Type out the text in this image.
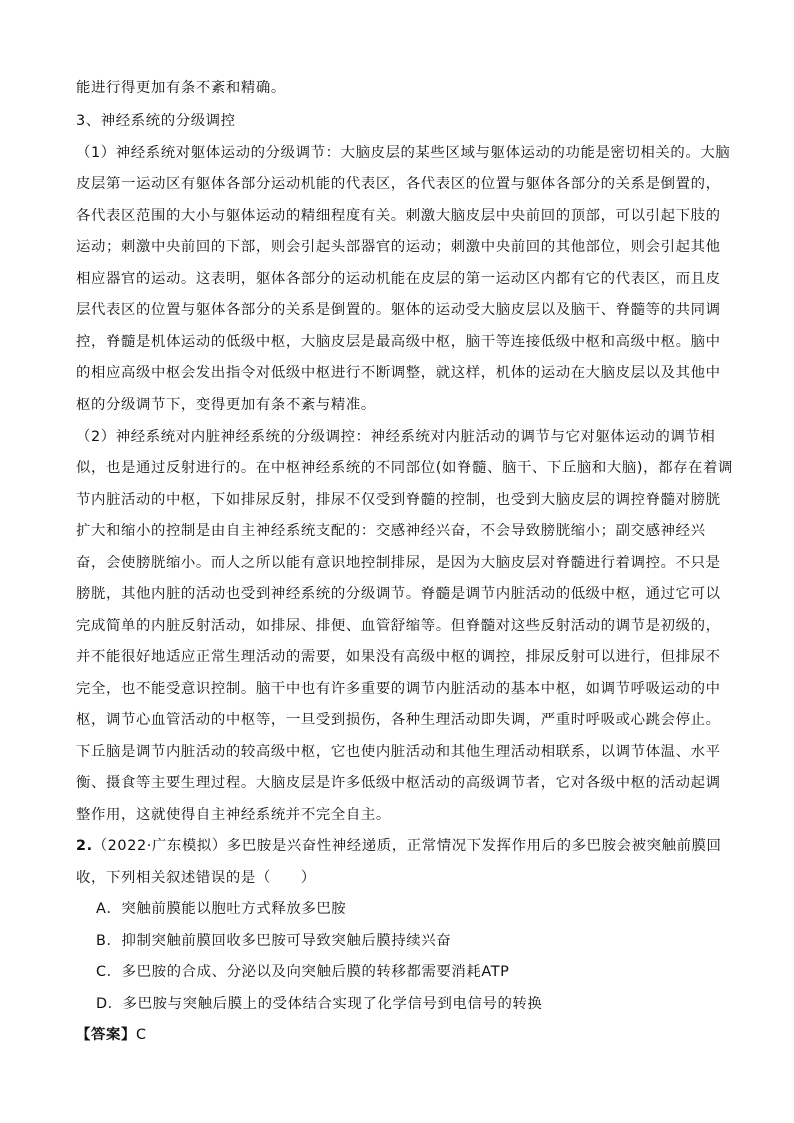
能进行得更加有条不紊和精确。
3、神经系统的分级调控
（1）神经系统对躯体运动的分级调节：大脑皮层的某些区域与躯体运动的功能是密切相关的。大脑
皮层第一运动区有躯体各部分运动机能的代表区，各代表区的位置与躯体各部分的关系是倒置的，
各代表区范围的大小与躯体运动的精细程度有关。刺激大脑皮层中央前回的顶部，可以引起下肢的
运动；刺激中央前回的下部，则会引起头部器官的运动；刺激中央前回的其他部位，则会引起其他
相应器官的运动。这表明，躯体各部分的运动机能在皮层的第一运动区内都有它的代表区，而且皮
层代表区的位置与躯体各部分的关系是倒置的。躯体的运动受大脑皮层以及脑干、脊髓等的共同调
控，脊髓是机体运动的低级中枢，大脑皮层是最高级中枢，脑干等连接低级中枢和高级中枢。脑中
的相应高级中枢会发出指令对低级中枢进行不断调整，就这样，机体的运动在大脑皮层以及其他中
枢的分级调节下，变得更加有条不紊与精准。
（2）神经系统对内脏神经系统的分级调控：神经系统对内脏活动的调节与它对躯体运动的调节相
似，也是通过反射进行的。在中枢神经系统的不同部位(如脊髓、脑干、下丘脑和大脑)，都存在着调
节内脏活动的中枢，下如排尿反射，排尿不仅受到脊髓的控制，也受到大脑皮层的调控脊髓对膀胱
扩大和缩小的控制是由自主神经系统支配的：交感神经兴奋，不会导致膀胱缩小；副交感神经兴
奋，会使膀胱缩小。而人之所以能有意识地控制排尿，是因为大脑皮层对脊髓进行着调控。不只是
膀胱，其他内脏的活动也受到神经系统的分级调节。脊髓是调节内脏活动的低级中枢，通过它可以
完成简单的内脏反射活动，如排尿、排便、血管舒缩等。但脊髓对这些反射活动的调节是初级的，
并不能很好地适应正常生理活动的需要，如果没有高级中枢的调控，排尿反射可以进行，但排尿不
完全，也不能受意识控制。脑干中也有许多重要的调节内脏活动的基本中枢，如调节呼吸运动的中
枢，调节心血管活动的中枢等，一旦受到损伤，各种生理活动即失调，严重时呼吸或心跳会停止。
下丘脑是调节内脏活动的较高级中枢，它也使内脏活动和其他生理活动相联系，以调节体温、水平
衡、摄食等主要生理过程。大脑皮层是许多低级中枢活动的高级调节者，它对各级中枢的活动起调
整作用，这就使得自主神经系统并不完全自主。
2.（2022·广东模拟）多巴胺是兴奋性神经递质，正常情况下发挥作用后的多巴胺会被突触前膜回
收，下列相关叙述错误的是（　　）
A．突触前膜能以胞吐方式释放多巴胺
B．抑制突触前膜回收多巴胺可导致突触后膜持续兴奋
C．多巴胺的合成、分泌以及向突触后膜的转移都需要消耗ATP
D．多巴胺与突触后膜上的受体结合实现了化学信号到电信号的转换
【答案】C
